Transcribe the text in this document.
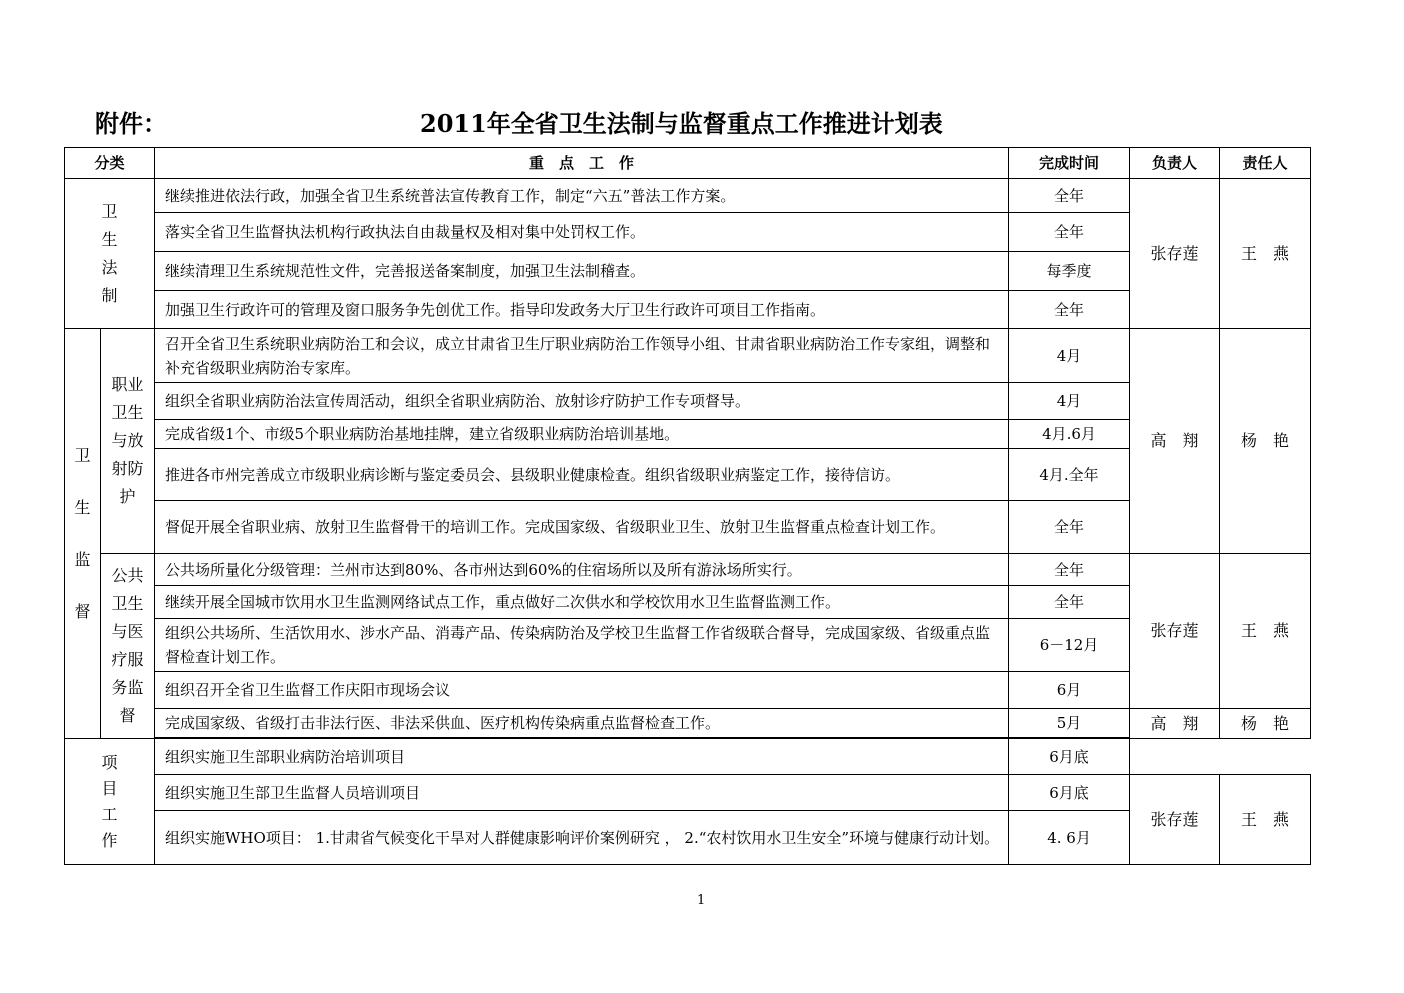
附件：	2011年全省卫生法制与监督重点工作推进计划表
分类		重　点　工　作	完成时间	负责人	责任人

卫生法制		继续推进依法行政，加强全省卫生系统普法宣传教育工作，制定“六五”普法工作方案。	全年	张存莲	王　燕
		落实全省卫生监督执法机构行政执法自由裁量权及相对集中处罚权工作。	全年		
		继续清理卫生系统规范性文件，完善报送备案制度，加强卫生法制稽查。	每季度		
		加强卫生行政许可的管理及窗口服务争先创优工作。指导印发政务大厅卫生行政许可项目工作指南。	全年		

卫生监督	职业卫生与放射防护	召开全省卫生系统职业病防治工和会议，成立甘肃省卫生厅职业病防治工作领导小组、甘肃省职业病防治工作专家组，调整和补充省级职业病防治专家库。	4月	高　翔	杨　艳
		组织全省职业病防治法宣传周活动，组织全省职业病防治、放射诊疗防护工作专项督导。	4月		
		完成省级1个、市级5个职业病防治基地挂牌，建立省级职业病防治培训基地。	4月.6月		
		推进各市州完善成立市级职业病诊断与鉴定委员会、县级职业健康检查。组织省级职业病鉴定工作，接待信访。	4月.全年		
		督促开展全省职业病、放射卫生监督骨干的培训工作。完成国家级、省级职业卫生、放射卫生监督重点检查计划工作。	全年		

	公共卫生与医疗服务监督	公共场所量化分级管理：兰州市达到80%、各市州达到60%的住宿场所以及所有游泳场所实行。	全年	张存莲	王　燕
		继续开展全国城市饮用水卫生监测网络试点工作，重点做好二次供水和学校饮用水卫生监督监测工作。	全年		
		组织公共场所、生活饮用水、涉水产品、消毒产品、传染病防治及学校卫生监督工作省级联合督导，完成国家级、省级重点监督检查计划工作。	6－12月		
		组织召开全省卫生监督工作庆阳市现场会议	6月		
		完成国家级、省级打击非法行医、非法采供血、医疗机构传染病重点监督检查工作。	5月	高　翔	杨　艳

项目工作		组织实施卫生部职业病防治培训项目	6月底		
		组织实施卫生部卫生监督人员培训项目	6月底	张存莲	王　燕
		组织实施WHO项目： 1.甘肃省气候变化干旱对人群健康影响评价案例研究 ， 2.“农村饮用水卫生安全”环境与健康行动计划。	4. 6月		
1
